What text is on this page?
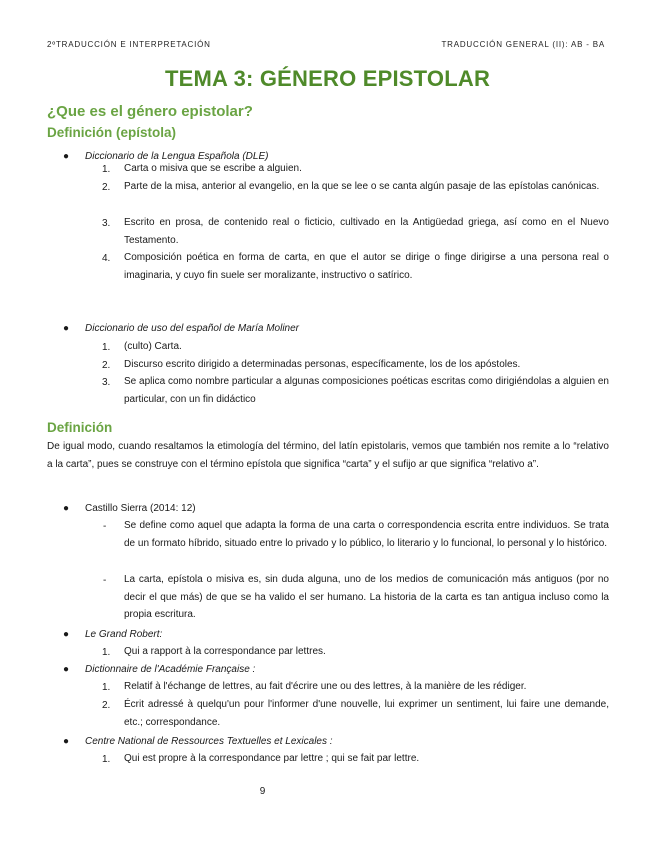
2ºTRADUCCIÓN E INTERPRETACIÓN	TRADUCCIÓN GENERAL (II): AB - BA
TEMA 3: GÉNERO EPISTOLAR
¿Que es el género epistolar?
Definición (epístola)
● Diccionario de la Lengua Española (DLE)
1.	Carta o misiva que se escribe a alguien.
2.	Parte de la misa, anterior al evangelio, en la que se lee o se canta algún pasaje de las epístolas canónicas.
3.	Escrito en prosa, de contenido real o ficticio, cultivado en la Antigüedad griega, así como en el Nuevo Testamento.
4.	Composición poética en forma de carta, en que el autor se dirige o finge dirigirse a una persona real o imaginaria, y cuyo fin suele ser moralizante, instructivo o satírico.
● Diccionario de uso del español de María Moliner
1.	(culto) Carta.
2.	Discurso escrito dirigido a determinadas personas, específicamente, los de los apóstoles.
3.	Se aplica como nombre particular a algunas composiciones poéticas escritas como dirigiéndolas a alguien en particular, con un fin didáctico
Definición
De igual modo, cuando resaltamos la etimología del término, del latín epistolaris, vemos que también nos remite a lo “relativo a la carta”, pues se construye con el término epístola que significa “carta” y el sufijo ar que significa “relativo a”.
● Castillo Sierra (2014: 12)
- Se define como aquel que adapta la forma de una carta o correspondencia escrita entre individuos. Se trata de un formato híbrido, situado entre lo privado y lo público, lo literario y lo funcional, lo personal y lo histórico.
- La carta, epístola o misiva es, sin duda alguna, uno de los medios de comunicación más antiguos (por no decir el que más) de que se ha valido el ser humano. La historia de la carta es tan antigua incluso como la propia escritura.
● Le Grand Robert:
1.	Qui a rapport à la correspondance par lettres.
● Dictionnaire de l'Académie Française :
1.	Relatif à l'échange de lettres, au fait d'écrire une ou des lettres, à la manière de les rédiger.
2.	Écrit adressé à quelqu'un pour l'informer d'une nouvelle, lui exprimer un sentiment, lui faire une demande, etc.; correspondance.
● Centre National de Ressources Textuelles et Lexicales :
1.	Qui est propre à la correspondance par lettre ; qui se fait par lettre.
9
